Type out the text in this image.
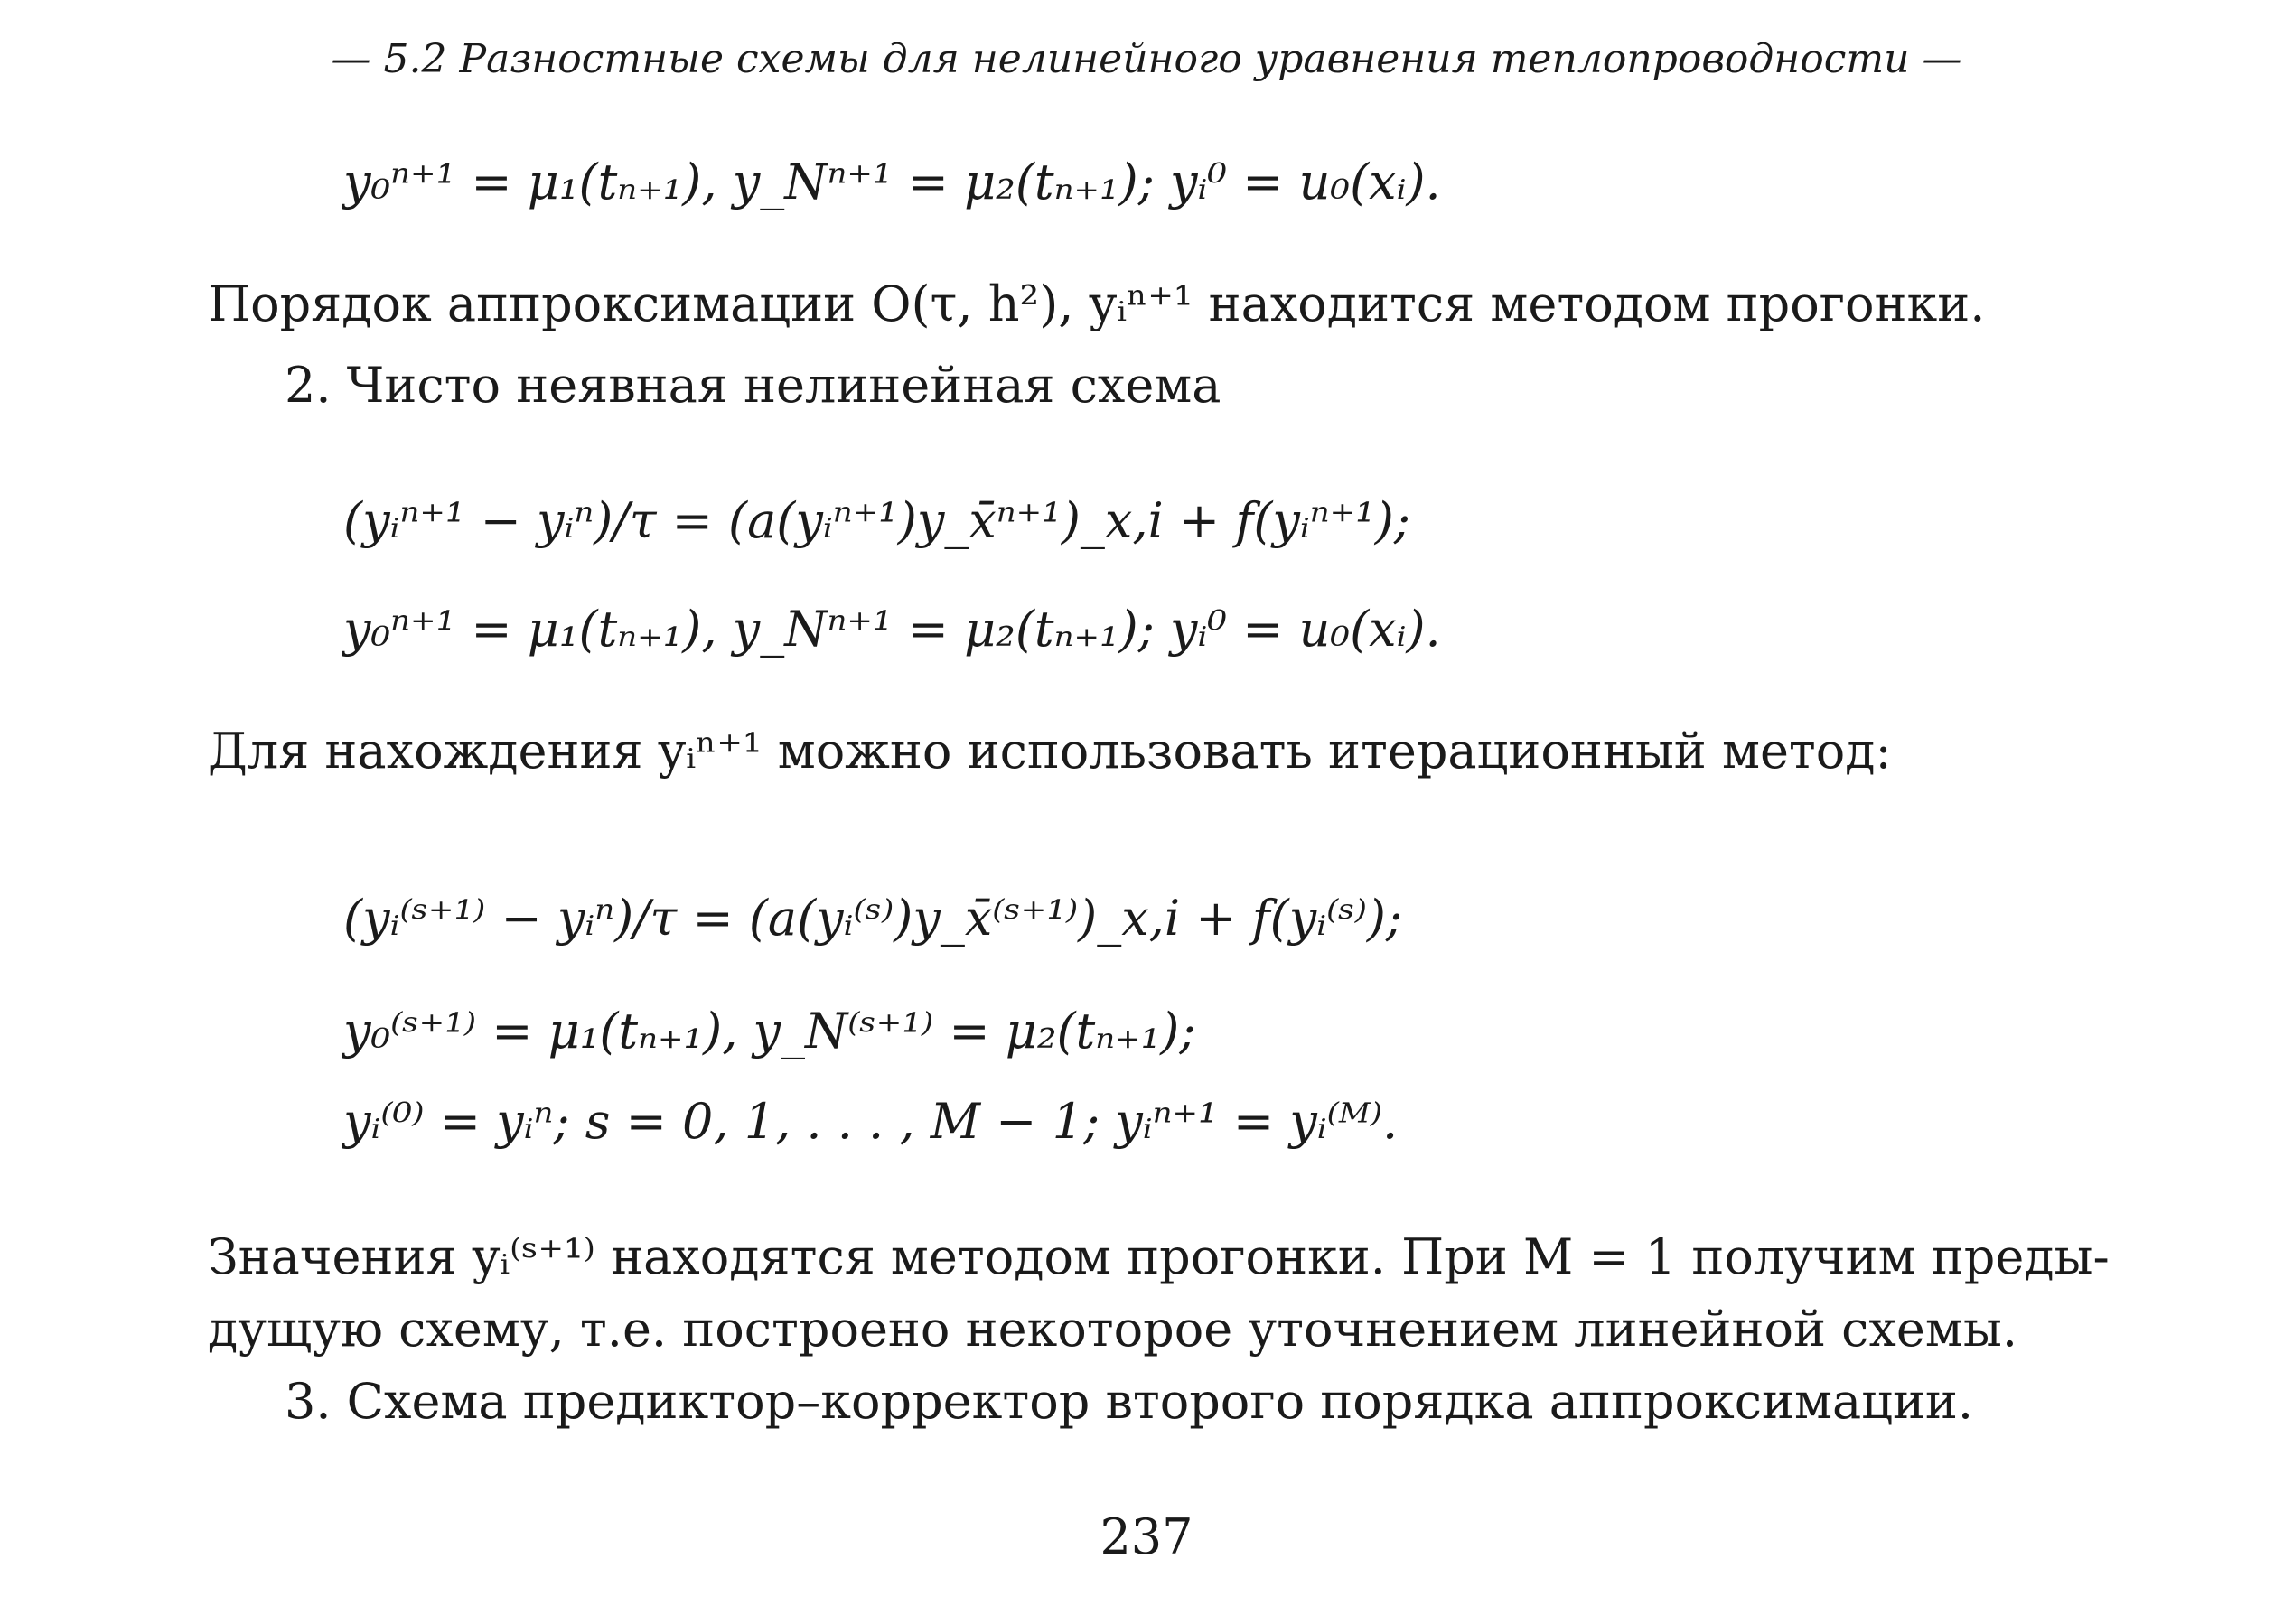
— 5.2 Разностные схемы для нелинейного уравнения теплопроводности —
y₀ⁿ⁺¹ = μ₁(tₙ₊₁), y_Nⁿ⁺¹ = μ₂(tₙ₊₁); yᵢ⁰ = u₀(xᵢ).
Порядок аппроксимации O(τ, h²), yᵢⁿ⁺¹ находится методом прогонки.
2. Чисто неявная нелинейная схема
(yᵢⁿ⁺¹ − yᵢⁿ)/τ = (a(yᵢⁿ⁺¹)y_x̄ⁿ⁺¹)_x,i + f(yᵢⁿ⁺¹);
y₀ⁿ⁺¹ = μ₁(tₙ₊₁), y_Nⁿ⁺¹ = μ₂(tₙ₊₁); yᵢ⁰ = u₀(xᵢ).
Для нахождения yᵢⁿ⁺¹ можно использовать итерационный метод:
(yᵢ⁽ˢ⁺¹⁾ − yᵢⁿ)/τ = (a(yᵢ⁽ˢ⁾)y_x̄⁽ˢ⁺¹⁾)_x,i + f(yᵢ⁽ˢ⁾);
y₀⁽ˢ⁺¹⁾ = μ₁(tₙ₊₁), y_N⁽ˢ⁺¹⁾ = μ₂(tₙ₊₁);
yᵢ⁽⁰⁾ = yᵢⁿ; s = 0, 1, . . . , M − 1; yᵢⁿ⁺¹ = yᵢ⁽ᴹ⁾.
Значения yᵢ⁽ˢ⁺¹⁾ находятся методом прогонки. При M = 1 получим преды-
дущую схему, т.е. построено некоторое уточнением линейной схемы.
3. Схема предиктор–корректор второго порядка аппроксимации.
237
